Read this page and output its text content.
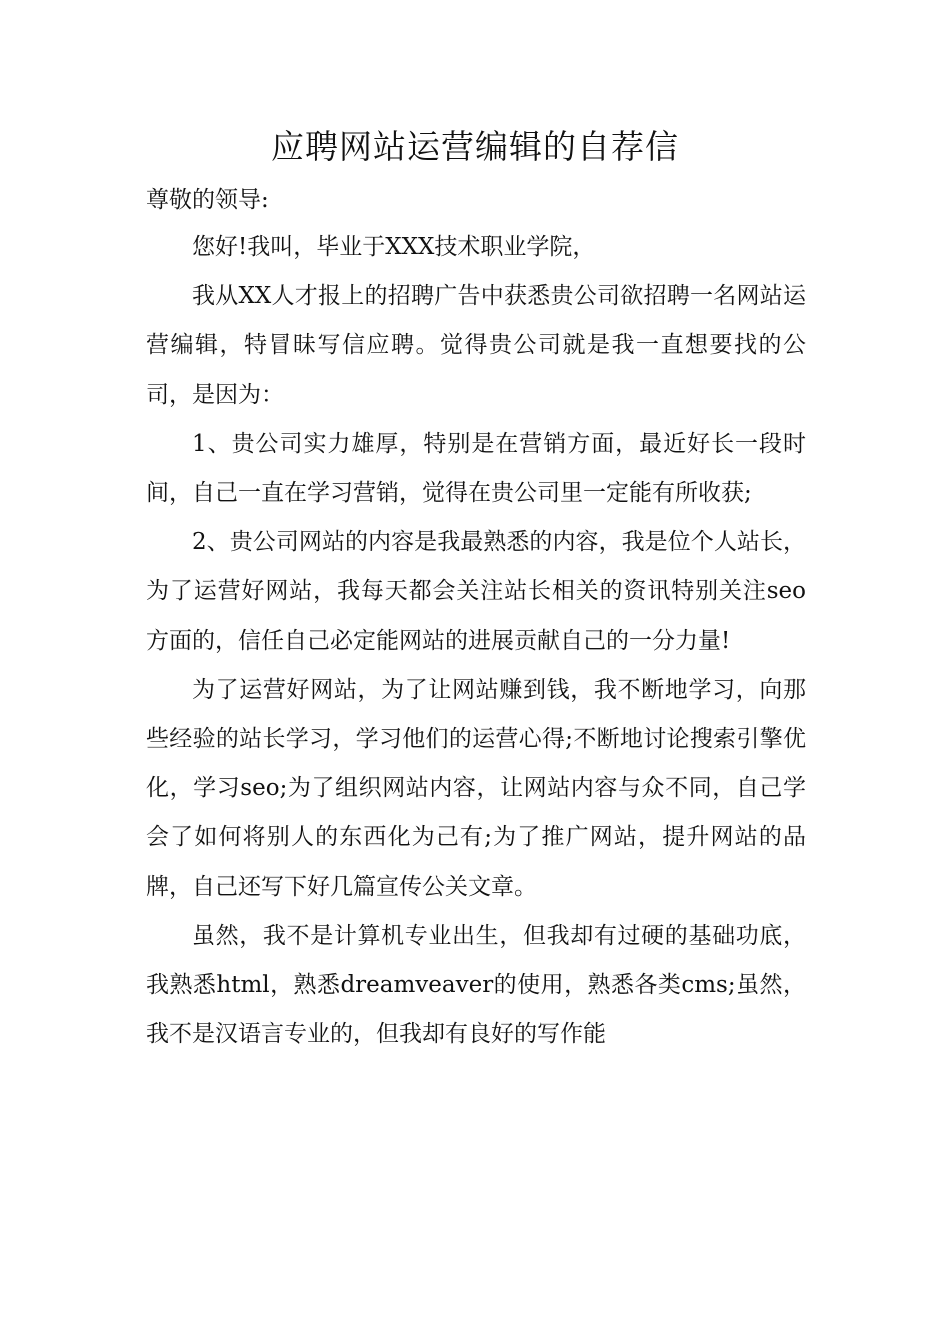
应聘网站运营编辑的自荐信
尊敬的领导:

您好!我叫，毕业于XXX技术职业学院，

我从XX人才报上的招聘广告中获悉贵公司欲招聘一名网站运营编辑，特冒昧写信应聘。觉得贵公司就是我一直想要找的公司，是因为：

1、贵公司实力雄厚，特别是在营销方面，最近好长一段时间，自己一直在学习营销，觉得在贵公司里一定能有所收获;

2、贵公司网站的内容是我最熟悉的内容，我是位个人站长，为了运营好网站，我每天都会关注站长相关的资讯特别关注seo方面的，信任自己必定能网站的进展贡献自己的一分力量!

为了运营好网站，为了让网站赚到钱，我不断地学习，向那些经验的站长学习，学习他们的运营心得;不断地讨论搜索引擎优化，学习seo;为了组织网站内容，让网站内容与众不同，自己学会了如何将别人的东西化为己有;为了推广网站，提升网站的品牌，自己还写下好几篇宣传公关文章。

虽然，我不是计算机专业出生，但我却有过硬的基础功底，我熟悉html，熟悉dreamveaver的使用，熟悉各类cms;虽然，我不是汉语言专业的，但我却有良好的写作能
